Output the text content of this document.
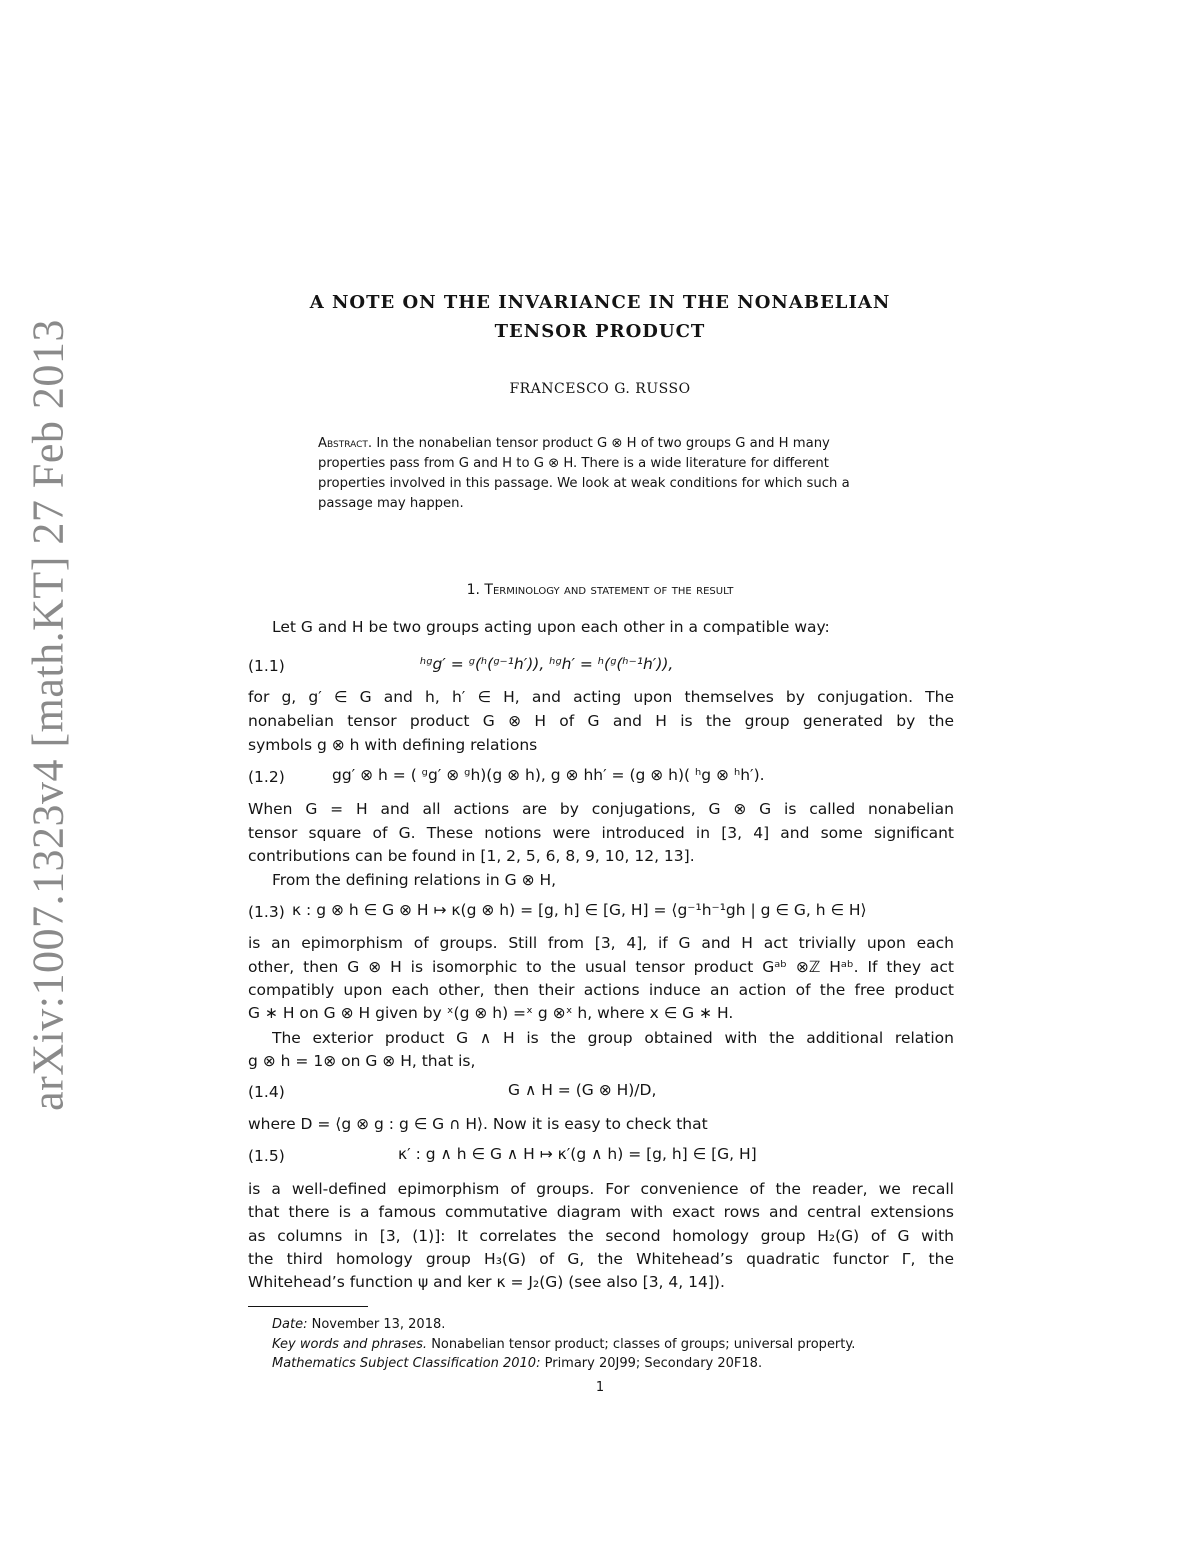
arXiv:1007.1323v4 [math.KT] 27 Feb 2013
A NOTE ON THE INVARIANCE IN THE NONABELIAN
TENSOR PRODUCT
FRANCESCO G. RUSSO
Abstract. In the nonabelian tensor product G ⊗ H of two groups G and H many properties pass from G and H to G ⊗ H. There is a wide literature for different properties involved in this passage. We look at weak conditions for which such a passage may happen.
1. Terminology and statement of the result
Let G and H be two groups acting upon each other in a compatible way:
(1.1)	ʰᵍg′ = ᵍ(ʰ(ᵍ⁻¹h′)), ʰᵍh′ = ʰ(ᵍ(ʰ⁻¹h′)),
for g, g′ ∈ G and h, h′ ∈ H, and acting upon themselves by conjugation. The
nonabelian tensor product G ⊗ H of G and H is the group generated by the
symbols g ⊗ h with defining relations
(1.2)	gg′ ⊗ h = ( ᵍg′ ⊗ ᵍh)(g ⊗ h), g ⊗ hh′ = (g ⊗ h)( ʰg ⊗ ʰh′).
When G = H and all actions are by conjugations, G ⊗ G is called nonabelian
tensor square of G. These notions were introduced in [3, 4] and some significant
contributions can be found in [1, 2, 5, 6, 8, 9, 10, 12, 13].
From the defining relations in G ⊗ H,
(1.3) κ : g ⊗ h ∈ G ⊗ H ↦ κ(g ⊗ h) = [g, h] ∈ [G, H] = ⟨g⁻¹h⁻¹gh | g ∈ G, h ∈ H⟩
is an epimorphism of groups. Still from [3, 4], if G and H act trivially upon each
other, then G ⊗ H is isomorphic to the usual tensor product Gᵃᵇ ⊗ℤ Hᵃᵇ. If they act
compatibly upon each other, then their actions induce an action of the free product
G ∗ H on G ⊗ H given by ˣ(g ⊗ h) =ˣ g ⊗ˣ h, where x ∈ G ∗ H.
The exterior product G ∧ H is the group obtained with the additional relation
g ⊗ h = 1⊗ on G ⊗ H, that is,
(1.4)	G ∧ H = (G ⊗ H)/D,
where D = ⟨g ⊗ g : g ∈ G ∩ H⟩. Now it is easy to check that
(1.5)	κ′ : g ∧ h ∈ G ∧ H ↦ κ′(g ∧ h) = [g, h] ∈ [G, H]
is a well-defined epimorphism of groups. For convenience of the reader, we recall
that there is a famous commutative diagram with exact rows and central extensions
as columns in [3, (1)]: It correlates the second homology group H₂(G) of G with
the third homology group H₃(G) of G, the Whitehead’s quadratic functor Γ, the
Whitehead’s function ψ and ker κ = J₂(G) (see also [3, 4, 14]).
Date: November 13, 2018.
Key words and phrases. Nonabelian tensor product; classes of groups; universal property.
Mathematics Subject Classification 2010: Primary 20J99; Secondary 20F18.
1
